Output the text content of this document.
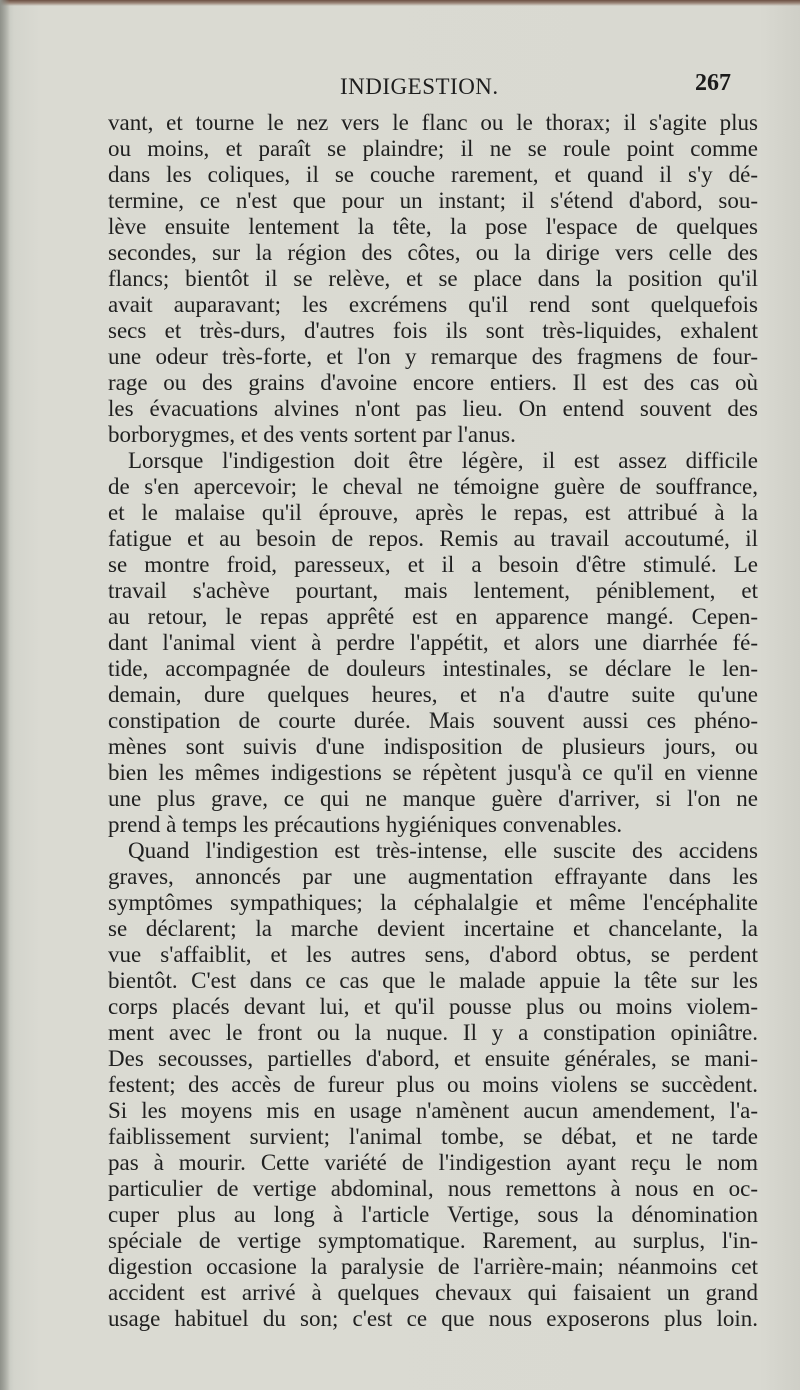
INDIGESTION.	267
vant, et tourne le nez vers le flanc ou le thorax; il s'agite plus
ou moins, et paraît se plaindre; il ne se roule point comme
dans les coliques, il se couche rarement, et quand il s'y dé-
termine, ce n'est que pour un instant; il s'étend d'abord, sou-
lève ensuite lentement la tête, la pose l'espace de quelques
secondes, sur la région des côtes, ou la dirige vers celle des
flancs; bientôt il se relève, et se place dans la position qu'il
avait auparavant; les excrémens qu'il rend sont quelquefois
secs et très-durs, d'autres fois ils sont très-liquides, exhalent
une odeur très-forte, et l'on y remarque des fragmens de four-
rage ou des grains d'avoine encore entiers. Il est des cas où
les évacuations alvines n'ont pas lieu. On entend souvent des
borborygmes, et des vents sortent par l'anus.
Lorsque l'indigestion doit être légère, il est assez difficile
de s'en apercevoir; le cheval ne témoigne guère de souffrance,
et le malaise qu'il éprouve, après le repas, est attribué à la
fatigue et au besoin de repos. Remis au travail accoutumé, il
se montre froid, paresseux, et il a besoin d'être stimulé. Le
travail s'achève pourtant, mais lentement, péniblement, et
au retour, le repas apprêté est en apparence mangé. Cepen-
dant l'animal vient à perdre l'appétit, et alors une diarrhée fé-
tide, accompagnée de douleurs intestinales, se déclare le len-
demain, dure quelques heures, et n'a d'autre suite qu'une
constipation de courte durée. Mais souvent aussi ces phéno-
mènes sont suivis d'une indisposition de plusieurs jours, ou
bien les mêmes indigestions se répètent jusqu'à ce qu'il en vienne
une plus grave, ce qui ne manque guère d'arriver, si l'on ne
prend à temps les précautions hygiéniques convenables.
Quand l'indigestion est très-intense, elle suscite des accidens
graves, annoncés par une augmentation effrayante dans les
symptômes sympathiques; la céphalalgie et même l'encéphalite
se déclarent; la marche devient incertaine et chancelante, la
vue s'affaiblit, et les autres sens, d'abord obtus, se perdent
bientôt. C'est dans ce cas que le malade appuie la tête sur les
corps placés devant lui, et qu'il pousse plus ou moins violem-
ment avec le front ou la nuque. Il y a constipation opiniâtre.
Des secousses, partielles d'abord, et ensuite générales, se mani-
festent; des accès de fureur plus ou moins violens se succèdent.
Si les moyens mis en usage n'amènent aucun amendement, l'a-
faiblissement survient; l'animal tombe, se débat, et ne tarde
pas à mourir. Cette variété de l'indigestion ayant reçu le nom
particulier de vertige abdominal, nous remettons à nous en oc-
cuper plus au long à l'article Vertige, sous la dénomination
spéciale de vertige symptomatique. Rarement, au surplus, l'in-
digestion occasione la paralysie de l'arrière-main; néanmoins cet
accident est arrivé à quelques chevaux qui faisaient un grand
usage habituel du son; c'est ce que nous exposerons plus loin.
